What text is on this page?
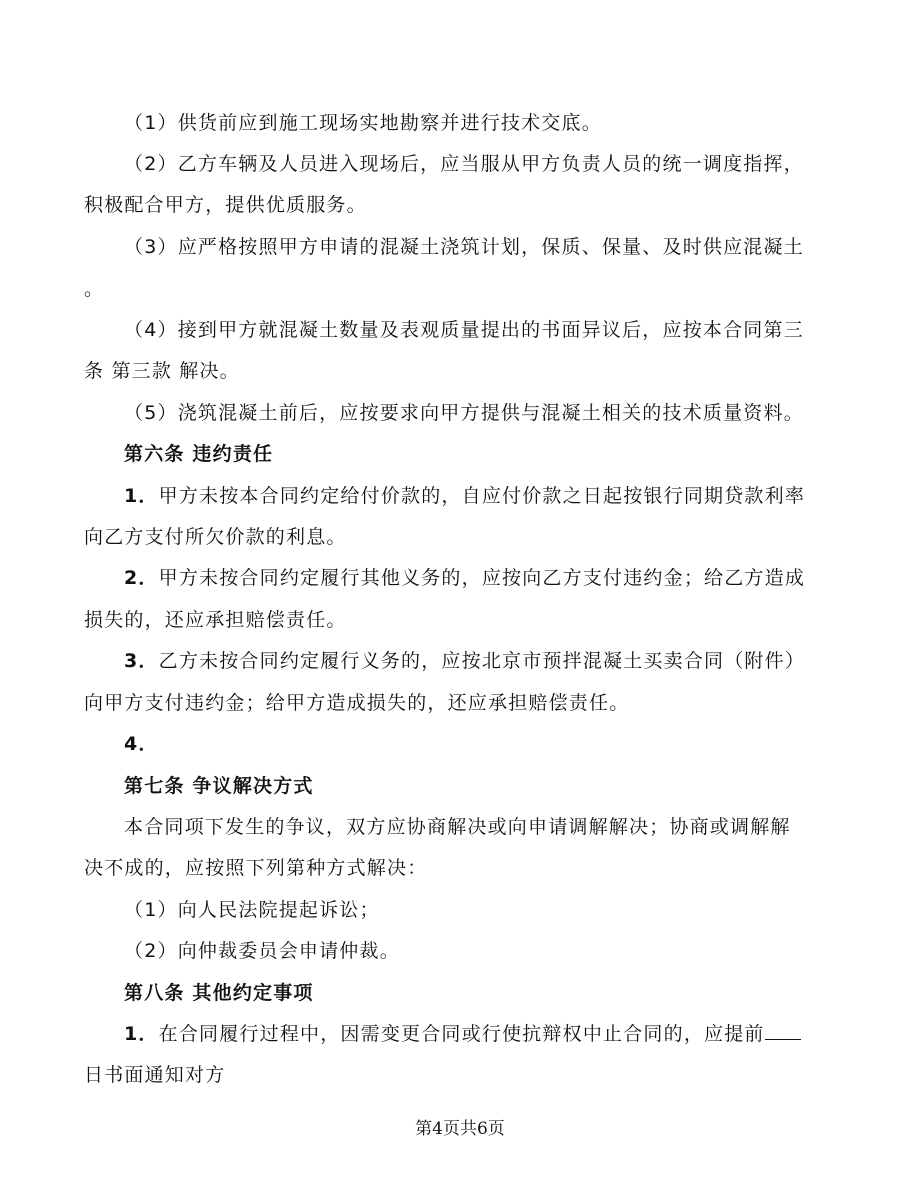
（1）供货前应到施工现场实地勘察并进行技术交底。
（2）乙方车辆及人员进入现场后，应当服从甲方负责人员的统一调度指挥，
积极配合甲方，提供优质服务。
（3）应严格按照甲方申请的混凝土浇筑计划，保质、保量、及时供应混凝土
。
（4）接到甲方就混凝土数量及表观质量提出的书面异议后，应按本合同第三
条 第三款 解决。
（5）浇筑混凝土前后，应按要求向甲方提供与混凝土相关的技术质量资料。
第六条 违约责任
1．甲方未按本合同约定给付价款的，自应付价款之日起按银行同期贷款利率
向乙方支付所欠价款的利息。
2．甲方未按合同约定履行其他义务的，应按向乙方支付违约金；给乙方造成
损失的，还应承担赔偿责任。
3．乙方未按合同约定履行义务的，应按北京市预拌混凝土买卖合同（附件）
向甲方支付违约金；给甲方造成损失的，还应承担赔偿责任。
4．
第七条 争议解决方式
本合同项下发生的争议，双方应协商解决或向申请调解解决；协商或调解解
决不成的，应按照下列第种方式解决：
（1）向人民法院提起诉讼；
（2）向仲裁委员会申请仲裁。
第八条 其他约定事项
1．在合同履行过程中，因需变更合同或行使抗辩权中止合同的，应提前
日书面通知对方
第4页共6页
